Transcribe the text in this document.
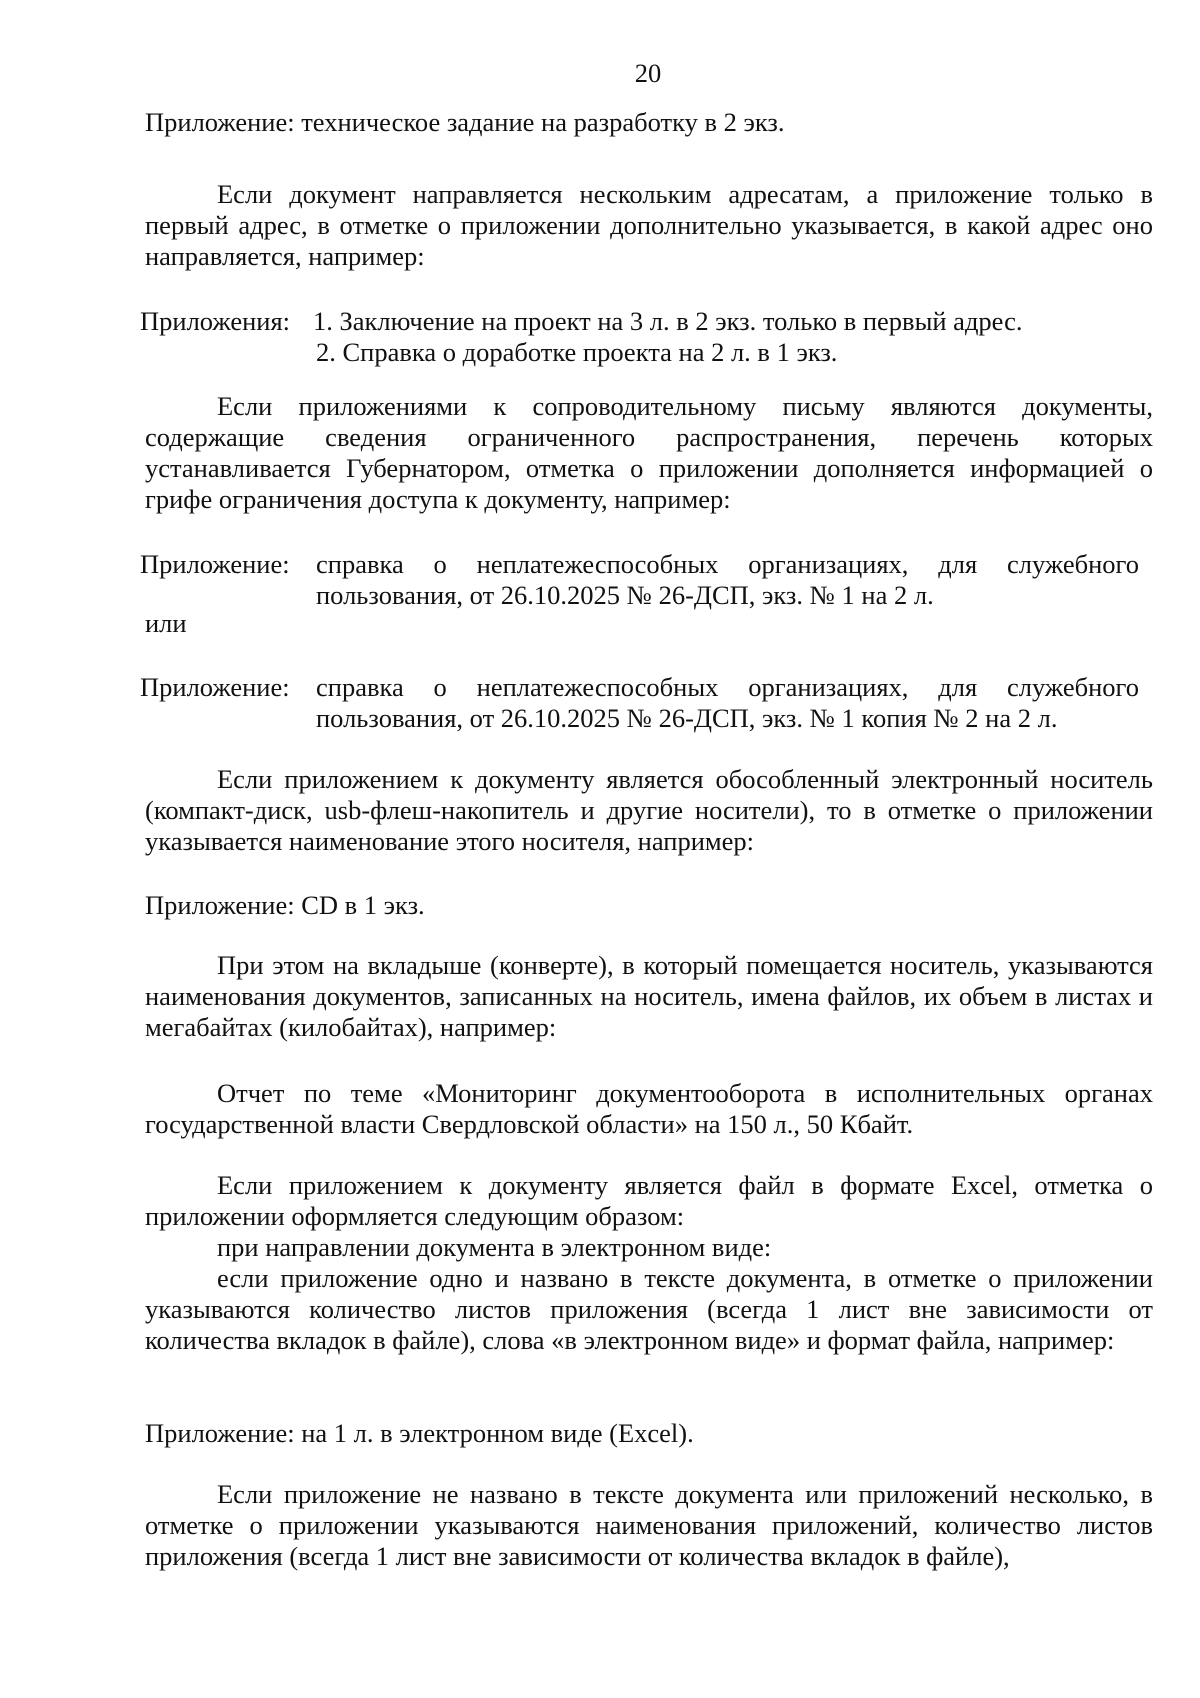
20

Приложение: техническое задание на разработку в 2 экз.

Если документ направляется нескольким адресатам, а приложение только в первый адрес, в отметке о приложении дополнительно указывается, в какой адрес оно направляется, например:

Приложения: 1. Заключение на проект на 3 л. в 2 экз. только в первый адрес.
2. Справка о доработке проекта на 2 л. в 1 экз.

Если приложениями к сопроводительному письму являются документы, содержащие сведения ограниченного распространения, перечень которых устанавливается Губернатором, отметка о приложении дополняется информацией о грифе ограничения доступа к документу, например:

Приложение: справка о неплатежеспособных организациях, для служебного пользования, от 26.10.2025 № 26-ДСП, экз. № 1 на 2 л.

или

Приложение: справка о неплатежеспособных организациях, для служебного пользования, от 26.10.2025 № 26-ДСП, экз. № 1 копия № 2 на 2 л.

Если приложением к документу является обособленный электронный носитель (компакт-диск, usb-флеш-накопитель и другие носители), то в отметке о приложении указывается наименование этого носителя, например:

Приложение: CD в 1 экз.

При этом на вкладыше (конверте), в который помещается носитель, указываются наименования документов, записанных на носитель, имена файлов, их объем в листах и мегабайтах (килобайтах), например:

Отчет по теме «Мониторинг документооборота в исполнительных органах государственной власти Свердловской области» на 150 л., 50 Кбайт.

Если приложением к документу является файл в формате Excel, отметка о приложении оформляется следующим образом:

при направлении документа в электронном виде:

если приложение одно и названо в тексте документа, в отметке о приложении указываются количество листов приложения (всегда 1 лист вне зависимости от количества вкладок в файле), слова «в электронном виде» и формат файла, например:

Приложение: на 1 л. в электронном виде (Excel).

Если приложение не названо в тексте документа или приложений несколько, в отметке о приложении указываются наименования приложений, количество листов приложения (всегда 1 лист вне зависимости от количества вкладок в файле),
